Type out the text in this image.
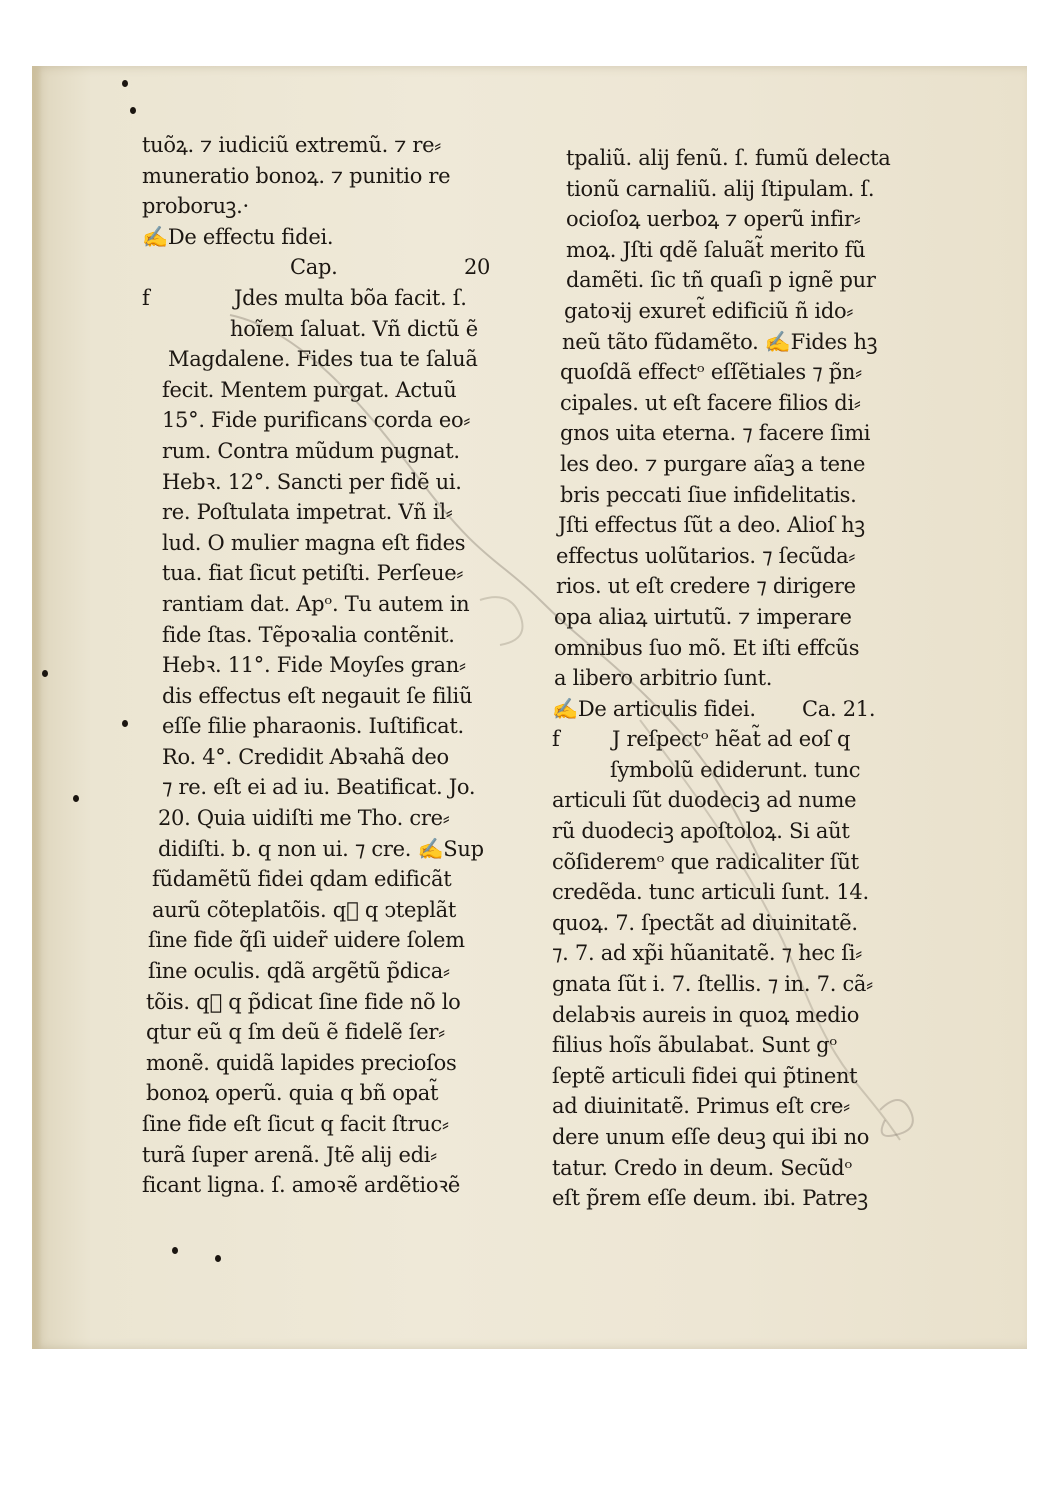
tuõꝝ. ⁊ iudiciũ extremũ. ⁊ re⸗
muneratio bonoꝝ. ⁊ punitio re
proboruꝫ.·
✍De effectu fidei.
Cap.	20
f	Jdes multa bõa facit. ſ.
hoĩem ſaluat. Vñ dictũ ẽ
Magdalene. Fides tua te ſaluã
fecit. Mentem purgat. Actuũ
15°. Fide purificans corda eo⸗
rum. Contra mũdum pugnat.
Hebꝛ. 12°. Sancti per fidẽ ui.
re. Poſtulata impetrat. Vñ il⸗
lud. O mulier magna eſt fides
tua. fiat ſicut petiſti. Perſeue⸗
rantiam dat. Apᵒ. Tu autem in
fide ſtas. Tẽpoꝛalia contẽnit.
Hebꝛ. 11°. Fide Moyſes gran⸗
dis effectus eſt negauit ſe filiũ
eſſe filie pharaonis. Iuſtificat.
Ro. 4°. Credidit Abꝛahã deo
⁊ re. eſt ei ad iu. Beatificat. Jo.
20. Quia uidiſti me Tho. cre⸗
didiſti. b. q non ui. ⁊ cre. ✍Sup
fũdamẽtũ fidei qdam edificãt
aurũ cõteplatõis. q᷑ q ↄteplãt
ſine fide q̃ſi uider̃ uidere ſolem
ſine oculis. qdã argẽtũ p̃dica⸗
tõis. q᷑ q p̃dicat ſine fide nõ lo
qtur eũ q ſm deũ ẽ fidelẽ ſer⸗
monẽ. quidã lapides precioſos
bonoꝝ operũ. quia q bñ opat̃
ſine fide eſt ſicut q facit ſtruc⸗
turã ſuper arenã. Jtẽ alij edi⸗
ficant ligna. ſ. amoꝛẽ ardẽtioꝛẽ
tpaliũ. alij fenũ. ſ. fumũ delecta
tionũ carnaliũ. alij ſtipulam. ſ.
ocioſoꝝ uerboꝝ ⁊ operũ infir⸗
moꝝ. Jſti qdẽ ſaluãt̃ merito fũ
damẽti. ſic tñ quaſi p ignẽ pur
gatoꝛij exuret̃ edificiũ ñ ido⸗
neũ tãto fũdamẽto. ✍Fides hꝫ
quoſdã effectᵒ eſſẽtiales ⁊ p̃n⸗
cipales. ut eſt facere filios di⸗
gnos uita eterna. ⁊ facere ſimi
les deo. ⁊ purgare aĩaꝫ a tene
bris peccati ſiue infidelitatis.
Jſti effectus ſũt a deo. Alioſ hꝫ
effectus uolũtarios. ⁊ ſecũda⸗
rios. ut eſt credere ⁊ dirigere
opa aliaꝝ uirtutũ. ⁊ imperare
omnibus ſuo mõ. Et iſti effcũs
a libero arbitrio ſunt.
✍De articulis fidei. Ca. 21.
f	J reſpectᵒ hẽat̃ ad eoſ q
ſymbolũ ediderunt. tunc
articuli ſũt duodeciꝫ ad nume
rũ duodeciꝫ apoſtoloꝝ. Si aũt
cõſideremᵒ que radicaliter ſũt
credẽda. tunc articuli ſunt. 14.
quoꝝ. 7. ſpectãt ad diuinitatẽ.
⁊. 7. ad xp̃i hũanitatẽ. ⁊ hec ſi⸗
gnata ſũt i. 7. ſtellis. ⁊ in. 7. cã⸗
delabꝛis aureis in quoꝝ medio
filius hoĩs ãbulabat. Sunt gᵒ
ſeptẽ articuli fidei qui p̃tinent
ad diuinitatẽ. Primus eſt cre⸗
dere unum eſſe deuꝫ qui ibi no
tatur. Credo in deum. Secũdᵒ
eſt p̃rem eſſe deum. ibi. Patreꝫ
